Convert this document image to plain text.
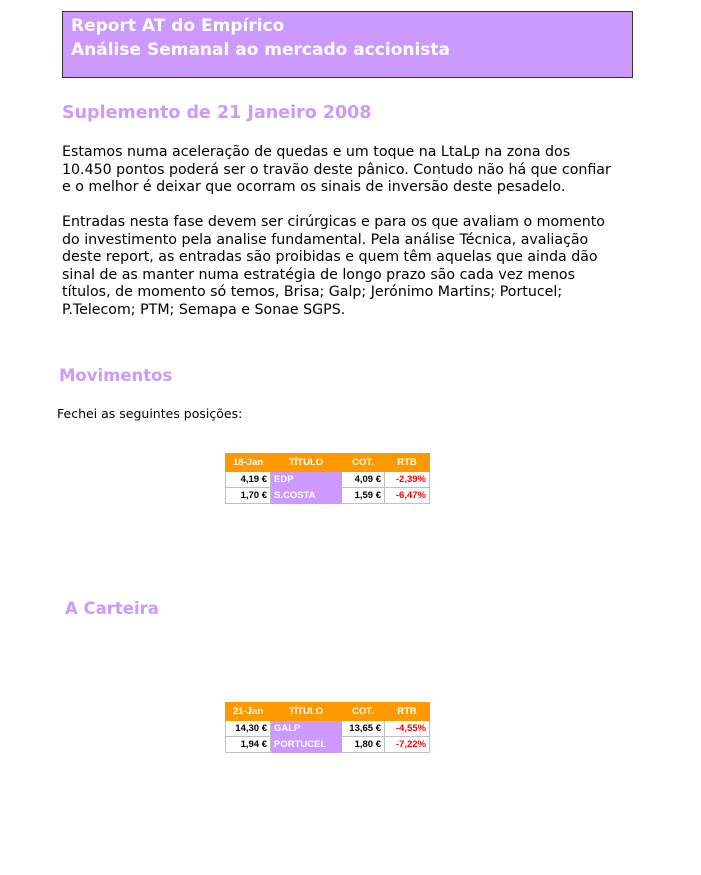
Report AT do Empírico
Análise Semanal ao mercado accionista
Suplemento de 21 Janeiro 2008

Estamos numa aceleração de quedas e um toque na LtaLp na zona dos
10.450 pontos poderá ser o travão deste pânico. Contudo não há que confiar
e o melhor é deixar que ocorram os sinais de inversão deste pesadelo.

Entradas nesta fase devem ser cirúrgicas e para os que avaliam o momento
do investimento pela analise fundamental. Pela análise Técnica, avaliação
deste report, as entradas são proibidas e quem têm aquelas que ainda dão
sinal de as manter numa estratégia de longo prazo são cada vez menos
títulos, de momento só temos, Brisa; Galp; Jerónimo Martins; Portucel;
P.Telecom; PTM; Semapa e Sonae SGPS.

Movimentos
Fechei as seguintes posições:
18-Jan	TÍTULO	COT.	RTB
4,19 €	EDP	4,09 €	-2,39%
1,70 €	S.COSTA	1,59 €	-6,47%
A Carteira
21-Jan	TÍTULO	COT.	RTB
14,30 €	GALP	13,65 €	-4,55%
1,94 €	PORTUCEL	1,80 €	-7,22%
